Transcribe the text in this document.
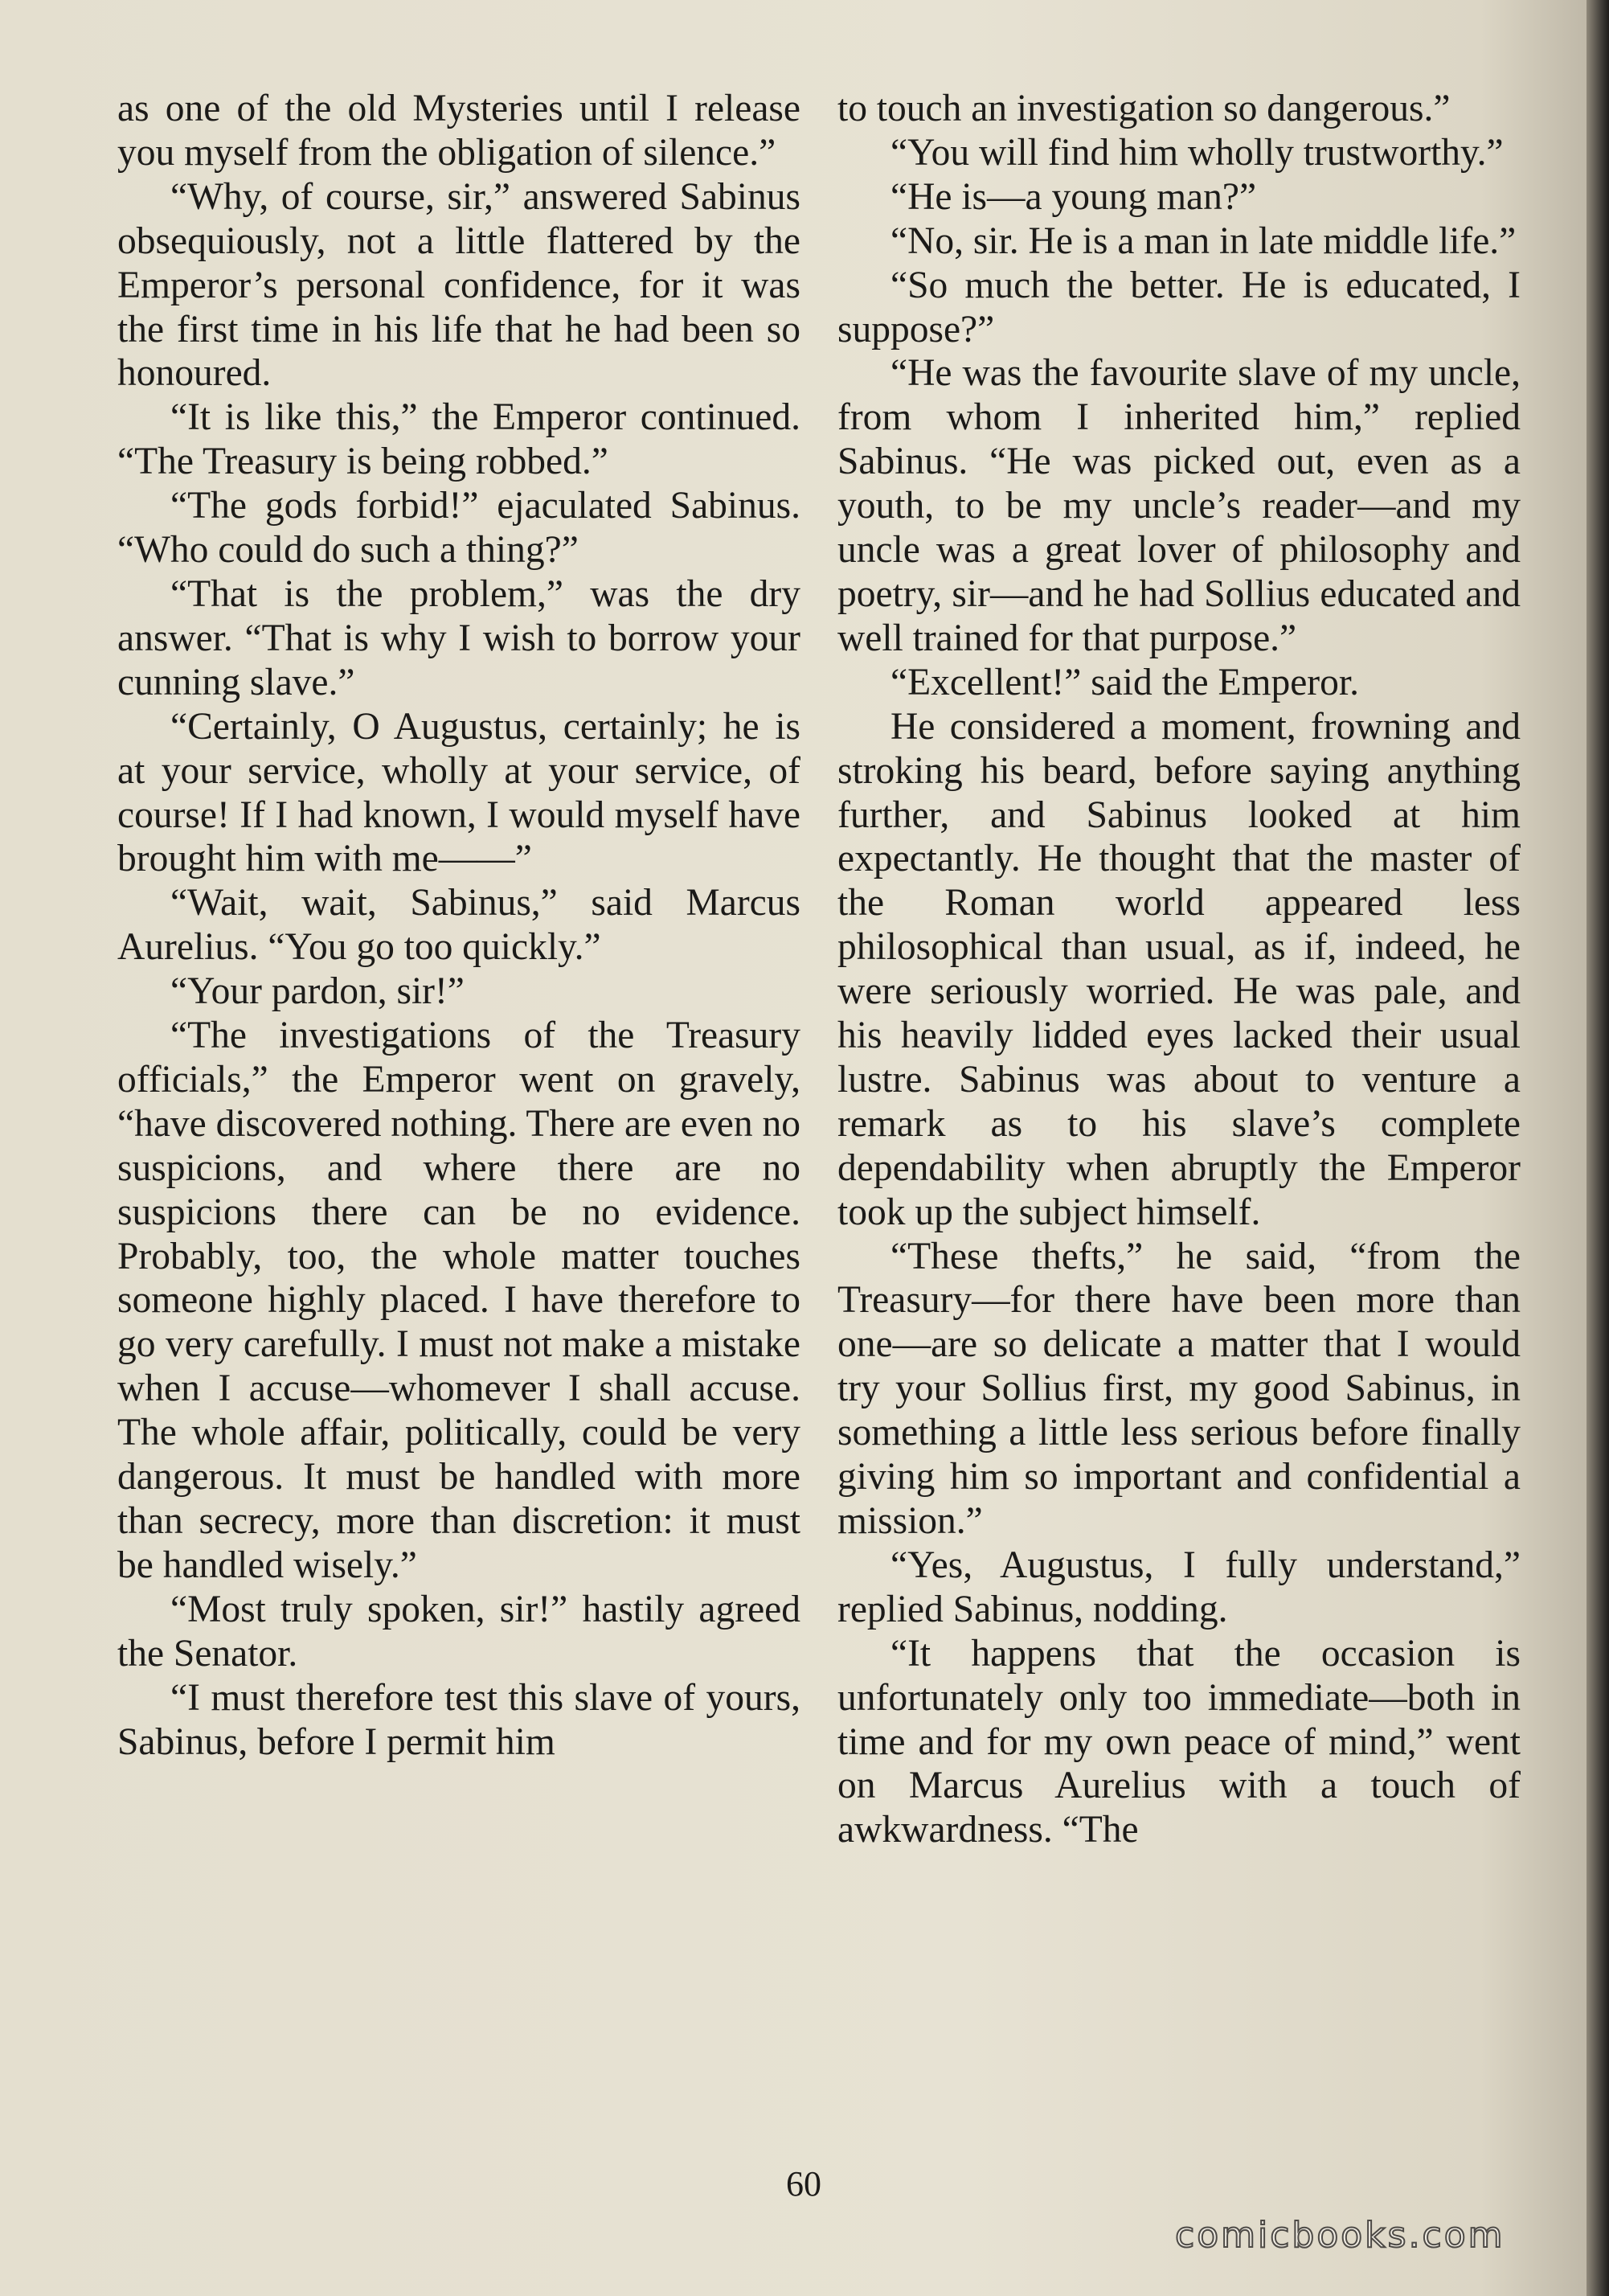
as one of the old Mysteries until I release you myself from the obligation of silence.”

“Why, of course, sir,” answered Sabinus obsequiously, not a little flattered by the Emperor’s personal confidence, for it was the first time in his life that he had been so honoured.

“It is like this,” the Emperor continued. “The Treasury is being robbed.”

“The gods forbid!” ejaculated Sabinus. “Who could do such a thing?”

“That is the problem,” was the dry answer. “That is why I wish to borrow your cunning slave.”

“Certainly, O Augustus, certainly; he is at your service, wholly at your service, of course! If I had known, I would myself have brought him with me——”

“Wait, wait, Sabinus,” said Marcus Aurelius. “You go too quickly.”

“Your pardon, sir!”

“The investigations of the Treasury officials,” the Emperor went on gravely, “have discovered nothing. There are even no suspicions, and where there are no suspicions there can be no evidence. Probably, too, the whole matter touches someone highly placed. I have therefore to go very carefully. I must not make a mistake when I accuse—whomever I shall accuse. The whole affair, politically, could be very dangerous. It must be handled with more than secrecy, more than discretion: it must be handled wisely.”

“Most truly spoken, sir!” hastily agreed the Senator.

“I must therefore test this slave of yours, Sabinus, before I permit him

to touch an investigation so dangerous.”

“You will find him wholly trustworthy.”

“He is—a young man?”

“No, sir. He is a man in late middle life.”

“So much the better. He is educated, I suppose?”

“He was the favourite slave of my uncle, from whom I inherited him,” replied Sabinus. “He was picked out, even as a youth, to be my uncle’s reader—and my uncle was a great lover of philosophy and poetry, sir—and he had Sollius educated and well trained for that purpose.”

“Excellent!” said the Emperor.

He considered a moment, frowning and stroking his beard, before saying anything further, and Sabinus looked at him expectantly. He thought that the master of the Roman world appeared less philosophical than usual, as if, indeed, he were seriously worried. He was pale, and his heavily lidded eyes lacked their usual lustre. Sabinus was about to venture a remark as to his slave’s complete dependability when abruptly the Emperor took up the subject himself.

“These thefts,” he said, “from the Treasury—for there have been more than one—are so delicate a matter that I would try your Sollius first, my good Sabinus, in something a little less serious before finally giving him so important and confidential a mission.”

“Yes, Augustus, I fully understand,” replied Sabinus, nodding.

“It happens that the occasion is unfortunately only too immediate—both in time and for my own peace of mind,” went on Marcus Aurelius with a touch of awkwardness. “The

60
comicbooks.com
